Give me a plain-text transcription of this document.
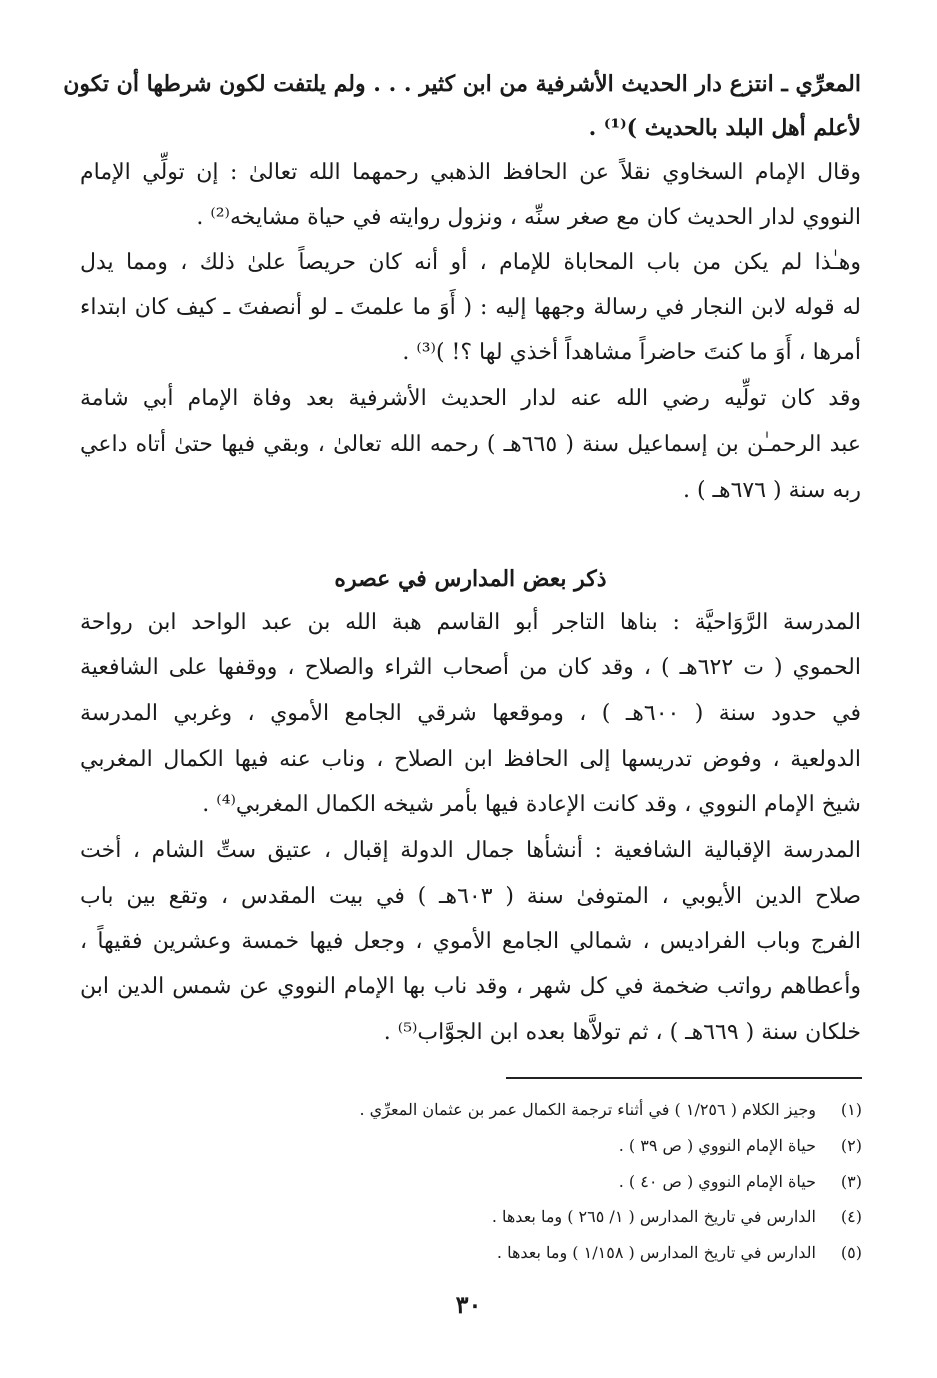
المعرِّي ـ انتزع دار الحديث الأشرفية من ابن كثير . . . ولم يلتفت لكون شرطها أن تكون
لأعلم أهل البلد بالحديث )⁽¹⁾ .
وقال الإمام السخاوي نقلاً عن الحافظ الذهبي رحمهما الله تعالىٰ : إن تولِّي الإمام
النووي لدار الحديث كان مع صغر سنِّه ، ونزول روايته في حياة مشايخه⁽²⁾ .
وهـٰذا لم يكن من باب المحاباة للإمام ، أو أنه كان حريصاً علىٰ ذلك ، ومما يدل
له قوله لابن النجار في رسالة وجهها إليه : ( أَوَ ما علمتَ ـ لو أنصفتَ ـ كيف كان ابتداء
أمرها ، أَوَ ما كنتَ حاضراً مشاهداً أخذي لها ؟! )⁽³⁾ .
وقد كان تولِّيه رضي الله عنه لدار الحديث الأشرفية بعد وفاة الإمام أبي شامة
عبد الرحمـٰن بن إسماعيل سنة ( ٦٦٥هـ ) رحمه الله تعالىٰ ، وبقي فيها حتىٰ أتاه داعي
ربه سنة ( ٦٧٦هـ ) .
ذكر بعض المدارس في عصره
المدرسة الرَّوَاحيَّة : بناها التاجر أبو القاسم هبة الله بن عبد الواحد ابن رواحة
الحموي ( ت ٦٢٢هـ ) ، وقد كان من أصحاب الثراء والصلاح ، ووقفها على الشافعية
في حدود سنة ( ٦٠٠هـ ) ، وموقعها شرقي الجامع الأموي ، وغربي المدرسة
الدولعية ، وفوض تدريسها إلى الحافظ ابن الصلاح ، وناب عنه فيها الكمال المغربي
شيخ الإمام النووي ، وقد كانت الإعادة فيها بأمر شيخه الكمال المغربي⁽⁴⁾ .
المدرسة الإقبالية الشافعية : أنشأها جمال الدولة إقبال ، عتيق ستِّ الشام ، أخت
صلاح الدين الأيوبي ، المتوفىٰ سنة ( ٦٠٣هـ ) في بيت المقدس ، وتقع بين باب
الفرج وباب الفراديس ، شمالي الجامع الأموي ، وجعل فيها خمسة وعشرين فقيهاً ،
وأعطاهم رواتب ضخمة في كل شهر ، وقد ناب بها الإمام النووي عن شمس الدين ابن
خلكان سنة ( ٦٦٩هـ ) ، ثم تولاَّها بعده ابن الجوَّاب⁽⁵⁾ .
(١)وجيز الكلام ( ١/٢٥٦ ) في أثناء ترجمة الكمال عمر بن عثمان المعرِّي .
(٢)حياة الإمام النووي ( ص ٣٩ ) .
(٣)حياة الإمام النووي ( ص ٤٠ ) .
(٤)الدارس في تاريخ المدارس ( ١/ ٢٦٥ ) وما بعدها .
(٥)الدارس في تاريخ المدارس ( ١/١٥٨ ) وما بعدها .
٣٠
